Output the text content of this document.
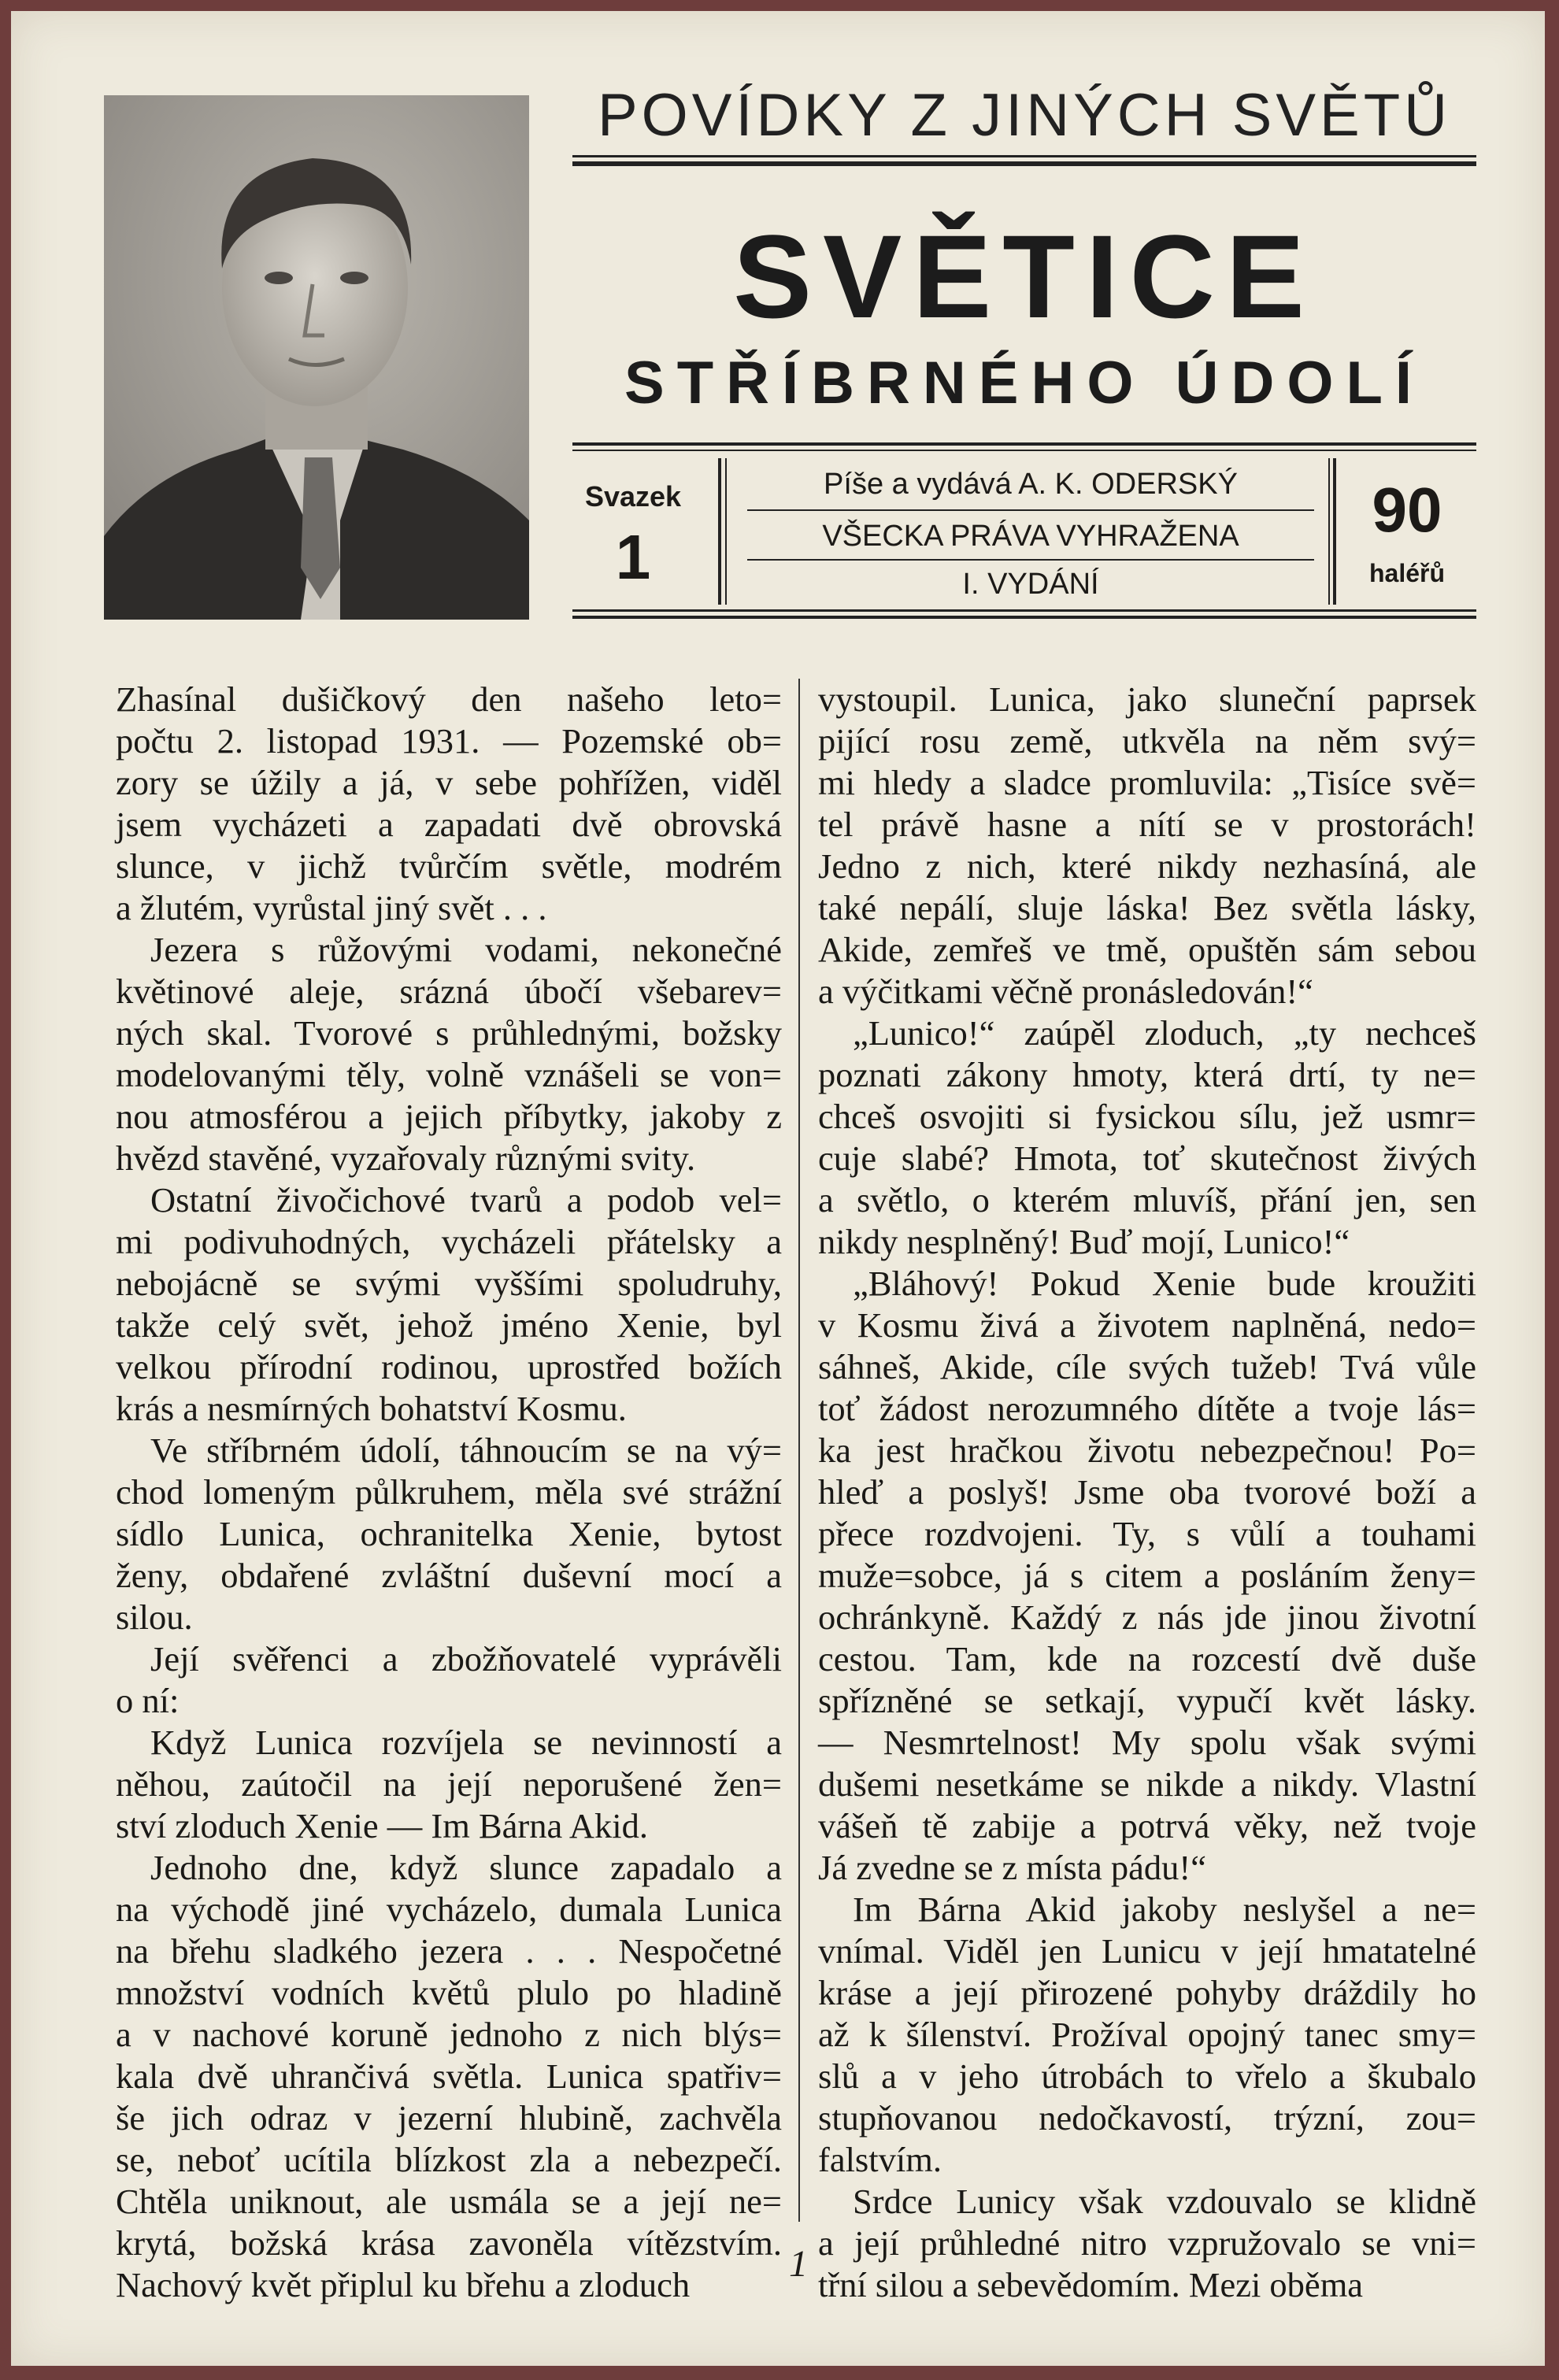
POVÍDKY Z JINÝCH SVĚTŮ
SVĚTICE
STŘÍBRNÉHO ÚDOLÍ
Svazek
1
Píše a vydává A. K. ODERSKÝ
VŠECKA PRÁVA VYHRAŽENA
I. VYDÁNÍ
90
haléřů

Zhasínal dušičkový den našeho leto=
počtu 2. listopad 1931. — Pozemské ob=
zory se úžily a já, v sebe pohřížen, viděl
jsem vycházeti a zapadati dvě obrovská
slunce, v jichž tvůrčím světle, modrém
a žlutém, vyrůstal jiný svět . . .

Jezera s růžovými vodami, nekonečné
květinové aleje, srázná úbočí všebarev=
ných skal. Tvorové s průhlednými, božsky
modelovanými těly, volně vznášeli se von=
nou atmosférou a jejich příbytky, jakoby z
hvězd stavěné, vyzařovaly různými svity.

Ostatní živočichové tvarů a podob vel=
mi podivuhodných, vycházeli přátelsky a
nebojácně se svými vyššími spoludruhy,
takže celý svět, jehož jméno Xenie, byl
velkou přírodní rodinou, uprostřed božích
krás a nesmírných bohatství Kosmu.

Ve stříbrném údolí, táhnoucím se na vý=
chod lomeným půlkruhem, měla své strážní
sídlo Lunica, ochranitelka Xenie, bytost
ženy, obdařené zvláštní duševní mocí a
silou.

Její svěřenci a zbožňovatelé vyprávěli
o ní:

Když Lunica rozvíjela se nevinností a
něhou, zaútočil na její neporušené žen=
ství zloduch Xenie — Im Bárna Akid.

Jednoho dne, když slunce zapadalo a
na východě jiné vycházelo, dumala Lunica
na břehu sladkého jezera . . . Nespočetné
množství vodních květů plulo po hladině
a v nachové koruně jednoho z nich blýs=
kala dvě uhrančivá světla. Lunica spatřiv=
še jich odraz v jezerní hlubině, zachvěla
se, neboť ucítila blízkost zla a nebezpečí.
Chtěla uniknout, ale usmála se a její ne=
krytá, božská krása zavoněla vítězstvím.
Nachový květ připlul ku břehu a zloduch

vystoupil. Lunica, jako sluneční paprsek
pijící rosu země, utkvěla na něm svý=
mi hledy a sladce promluvila: „Tisíce svě=
tel právě hasne a nítí se v prostorách!
Jedno z nich, které nikdy nezhasíná, ale
také nepálí, sluje láska! Bez světla lásky,
Akide, zemřeš ve tmě, opuštěn sám sebou
a výčitkami věčně pronásledován!“

„Lunico!“ zaúpěl zloduch, „ty nechceš
poznati zákony hmoty, která drtí, ty ne=
chceš osvojiti si fysickou sílu, jež usmr=
cuje slabé? Hmota, toť skutečnost živých
a světlo, o kterém mluvíš, přání jen, sen
nikdy nesplněný! Buď mojí, Lunico!“

„Bláhový! Pokud Xenie bude kroužiti
v Kosmu živá a životem naplněná, nedo=
sáhneš, Akide, cíle svých tužeb! Tvá vůle
toť žádost nerozumného dítěte a tvoje lás=
ka jest hračkou životu nebezpečnou! Po=
hleď a poslyš! Jsme oba tvorové boží a
přece rozdvojeni. Ty, s vůlí a touhami
muže=sobce, já s citem a posláním ženy=
ochránkyně. Každý z nás jde jinou životní
cestou. Tam, kde na rozcestí dvě duše
spřízněné se setkají, vypučí květ lásky.
— Nesmrtelnost! My spolu však svými
dušemi nesetkáme se nikde a nikdy. Vlastní
vášeň tě zabije a potrvá věky, než tvoje
Já zvedne se z místa pádu!“

Im Bárna Akid jakoby neslyšel a ne=
vnímal. Viděl jen Lunicu v její hmatatelné
kráse a její přirozené pohyby dráždily ho
až k šílenství. Prožíval opojný tanec smy=
slů a v jeho útrobách to vřelo a škubalo
stupňovanou nedočkavostí, trýzní, zou=
falstvím.

Srdce Lunicy však vzdouvalo se klidně
a její průhledné nitro vzpružovalo se vni=
třní silou a sebevědomím. Mezi oběma

1
